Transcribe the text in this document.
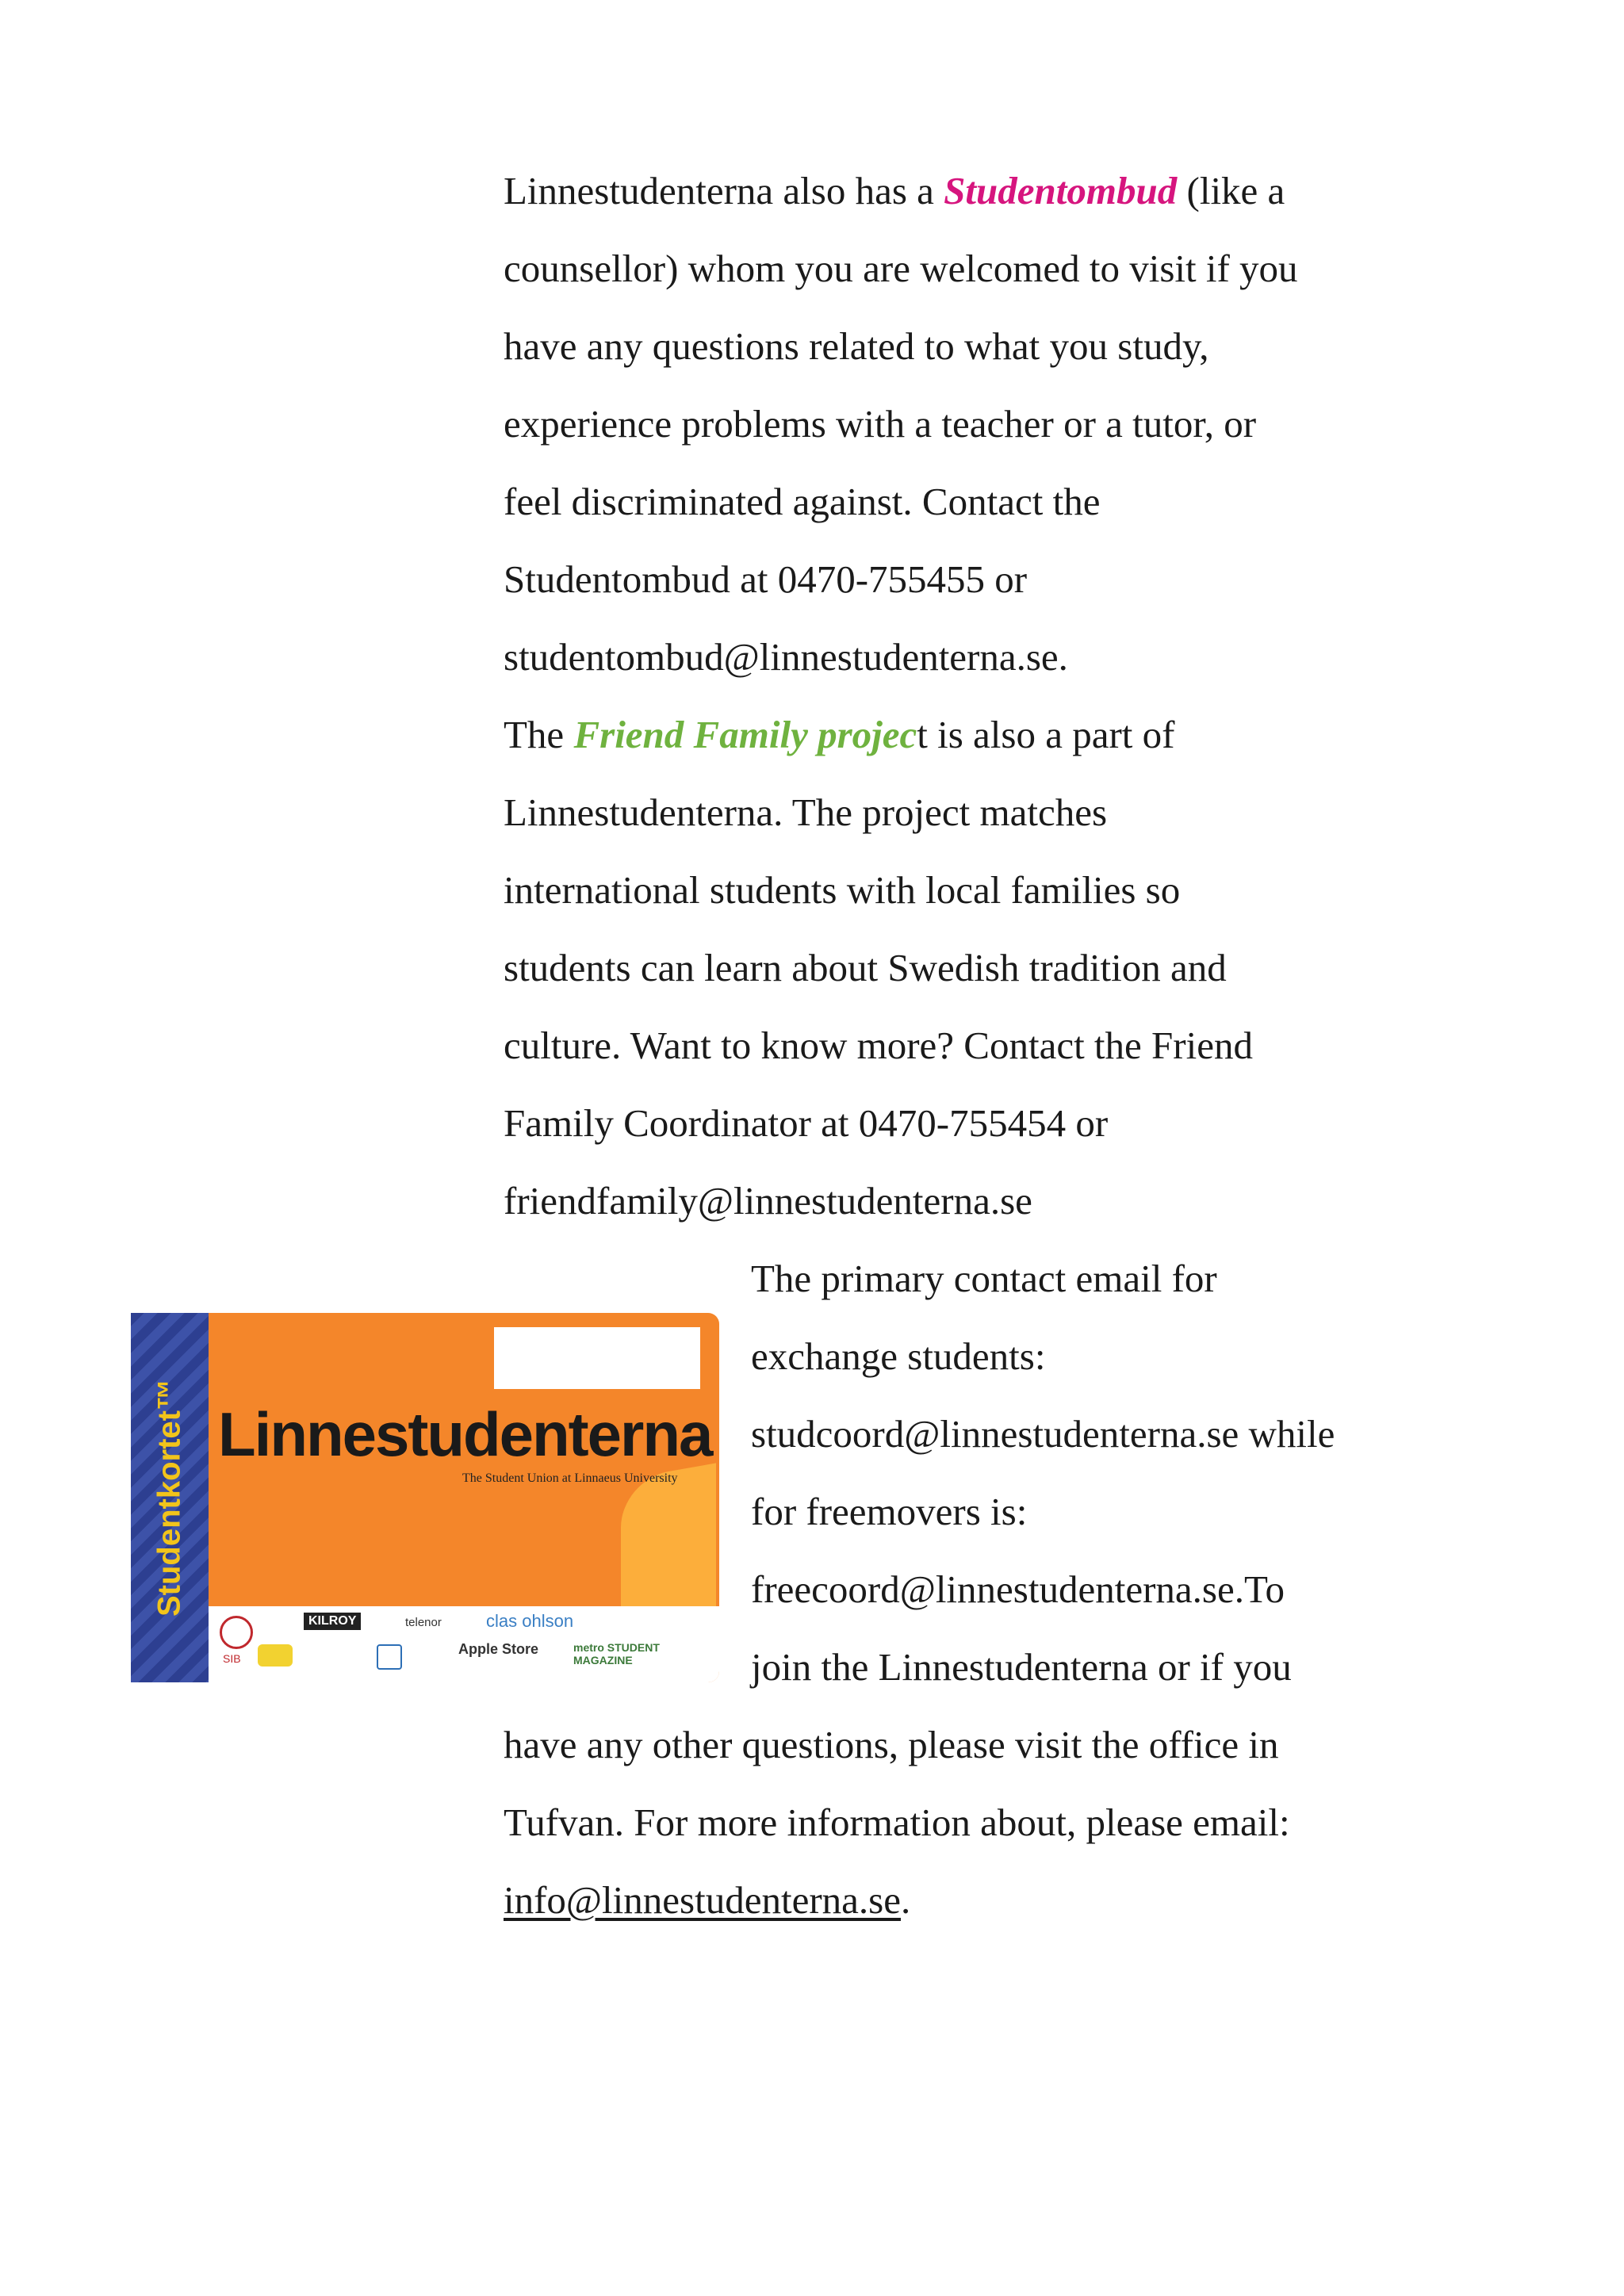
Linnestudenterna also has a Studentombud (like a
counsellor) whom you are welcomed to visit if you
have any questions related to what you study,
experience problems with a teacher or a tutor, or
feel discriminated against. Contact the
Studentombud at 0470-755455 or
studentombud@linnestudenterna.se.
The Friend Family project is also a part of
Linnestudenterna. The project matches
international students with local families so
students can learn about Swedish tradition and
culture. Want to know more? Contact the Friend
Family Coordinator at 0470-755454 or
friendfamily@linnestudenterna.se
The primary contact email for
exchange students:
studcoord@linnestudenterna.se while
for freemovers is:
freecoord@linnestudenterna.se.To
join the Linnestudenterna or if you
have any other questions, please visit the office in
Tufvan. For more information about, please email:
info@linnestudenterna.se.
Studentkortet™ Linnestudenterna
The Student Union at Linnaeus University
SIB
KILROY	telenor	clas ohlson
Apple Store	metro STUDENT MAGAZINE
